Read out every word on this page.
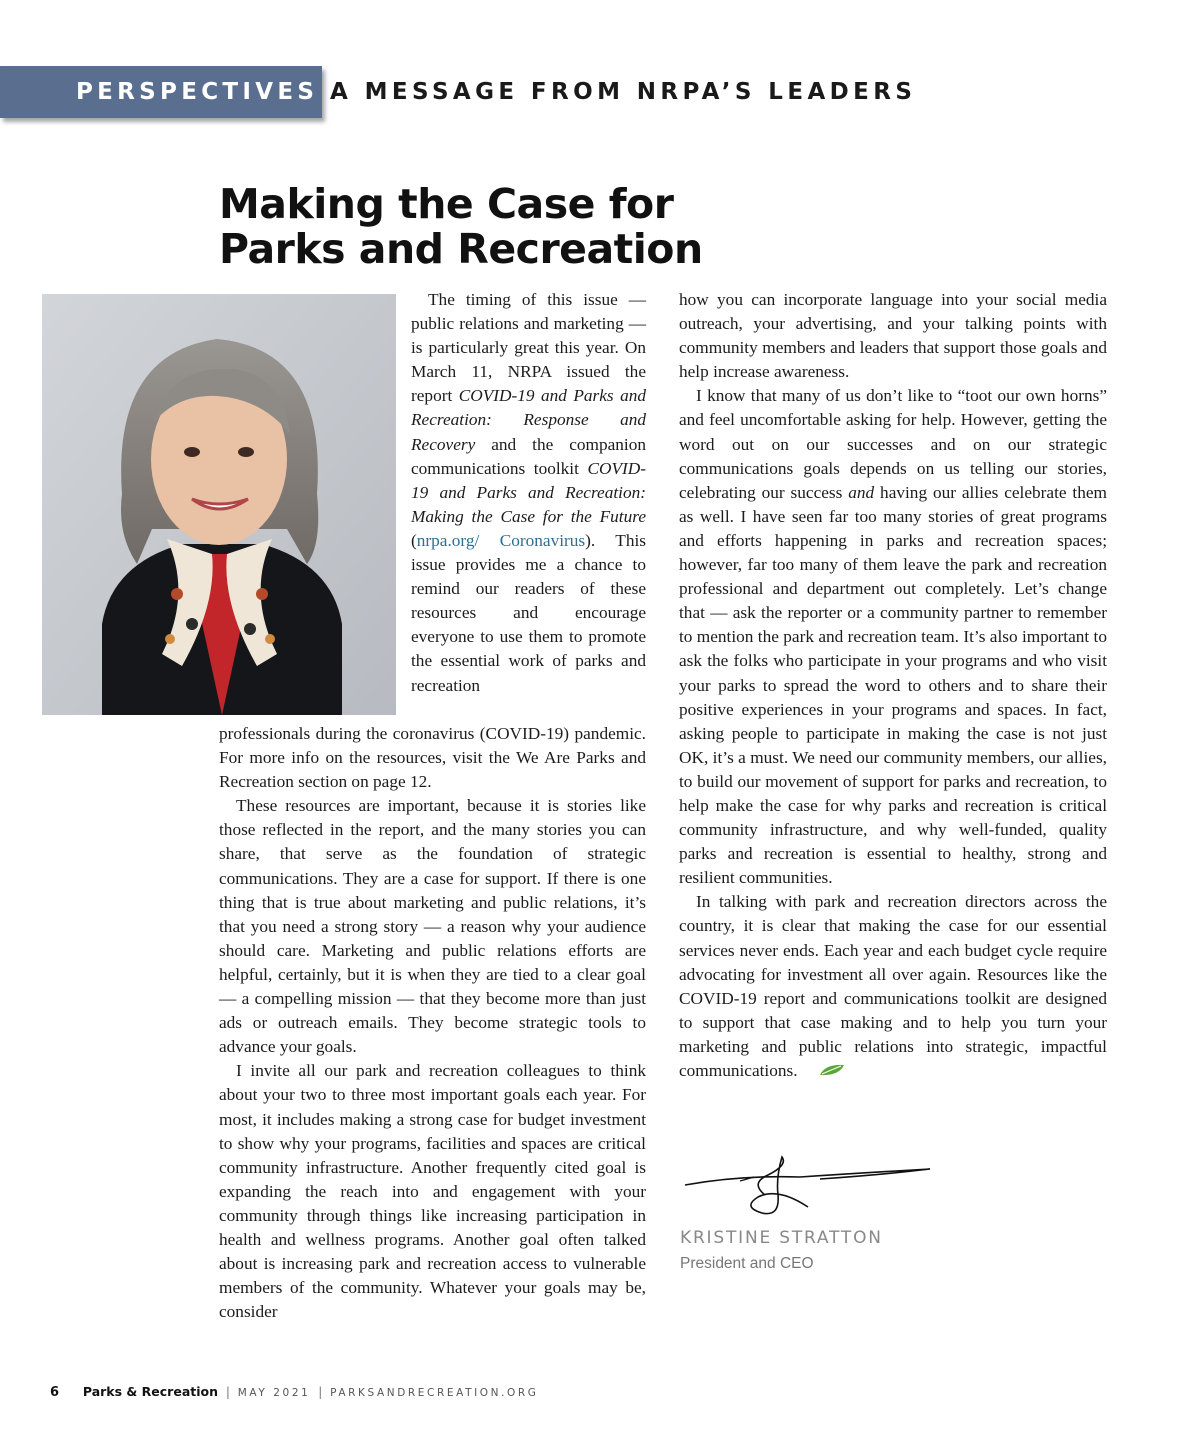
PERSPECTIVES A MESSAGE FROM NRPA’S LEADERS
Making the Case for
Parks and Recreation

The timing of this issue — public relations and marketing — is particularly great this year. On March 11, NRPA issued the report COVID-19 and Parks and Recreation: Response and Recovery and the companion communications toolkit COVID-19 and Parks and Recreation: Making the Case for the Future (nrpa.org/ Coronavirus). This issue provides me a chance to remind our readers of these resources and encourage everyone to use them to promote the essential work of parks and recreation

professionals during the coronavirus (COVID-19) pandemic. For more info on the resources, visit the We Are Parks and Recreation section on page 12.

These resources are important, because it is stories like those reflected in the report, and the many stories you can share, that serve as the foundation of strategic communications. They are a case for support. If there is one thing that is true about marketing and public relations, it’s that you need a strong story — a reason why your audience should care. Marketing and public relations efforts are helpful, certainly, but it is when they are tied to a clear goal — a compelling mission — that they become more than just ads or outreach emails. They become strategic tools to advance your goals.

I invite all our park and recreation colleagues to think about your two to three most important goals each year. For most, it includes making a strong case for budget investment to show why your programs, facilities and spaces are critical community infrastructure. Another frequently cited goal is expanding the reach into and engagement with your community through things like increasing participation in health and wellness programs. Another goal often talked about is increasing park and recreation access to vulnerable members of the community. Whatever your goals may be, consider

how you can incorporate language into your social media outreach, your advertising, and your talking points with community members and leaders that support those goals and help increase awareness.

I know that many of us don’t like to “toot our own horns” and feel uncomfortable asking for help. However, getting the word out on our successes and on our strategic communications goals depends on us telling our stories, celebrating our success and having our allies celebrate them as well. I have seen far too many stories of great programs and efforts happening in parks and recreation spaces; however, far too many of them leave the park and recreation professional and department out completely. Let’s change that — ask the reporter or a community partner to remember to mention the park and recreation team. It’s also important to ask the folks who participate in your programs and who visit your parks to spread the word to others and to share their positive experiences in your programs and spaces. In fact, asking people to participate in making the case is not just OK, it’s a must. We need our community members, our allies, to build our movement of support for parks and recreation, to help make the case for why parks and recreation is critical community infrastructure, and why well-funded, quality parks and recreation is essential to healthy, strong and resilient communities.

In talking with park and recreation directors across the country, it is clear that making the case for our essential services never ends. Each year and each budget cycle require advocating for investment all over again. Resources like the COVID-19 report and communications toolkit are designed to support that case making and to help you turn your marketing and public relations into strategic, impactful communications.

KRISTINE STRATTON
President and CEO
6 Parks & Recreation | MAY 2021 | PARKSANDRECREATION.ORG
